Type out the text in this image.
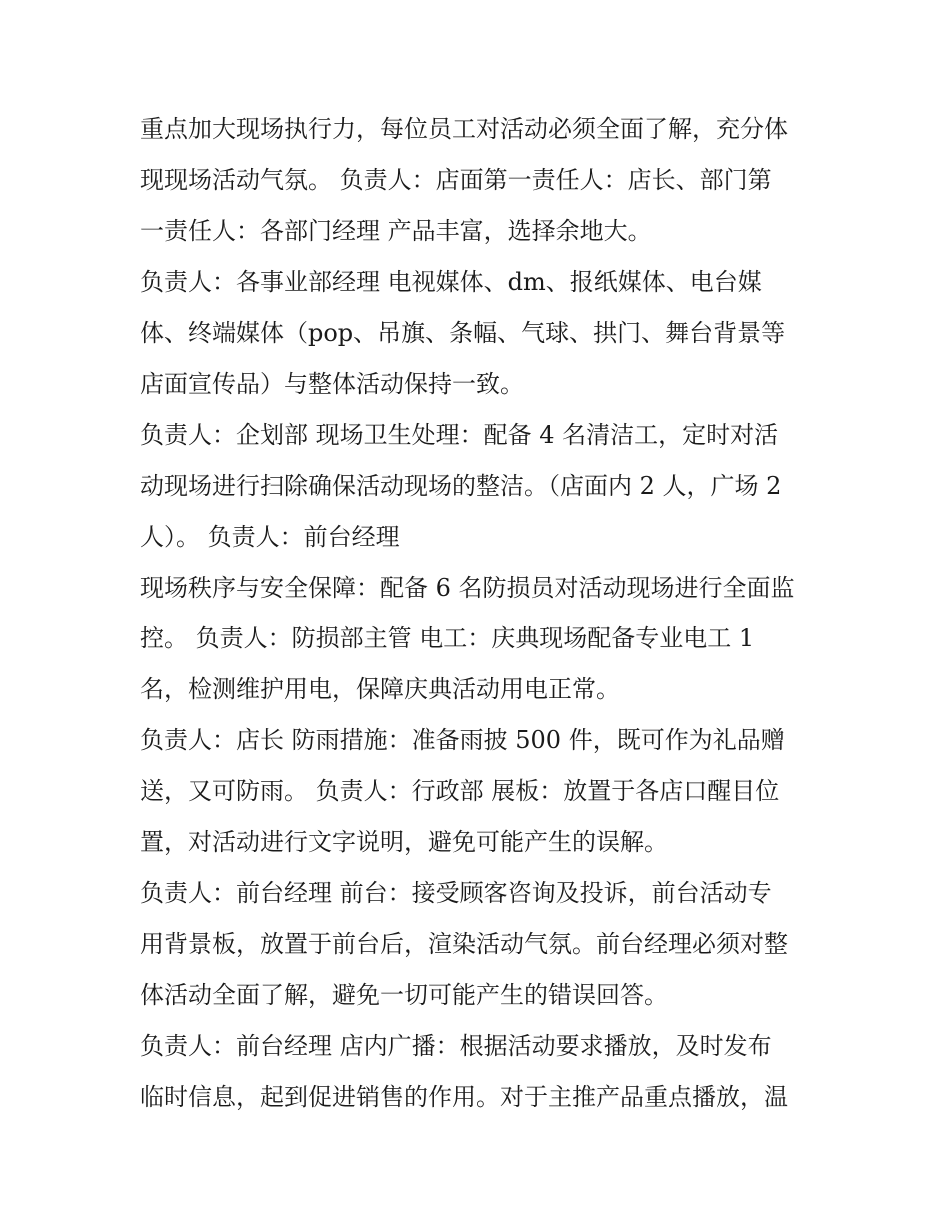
重点加大现场执行力，每位员工对活动必须全面了解，充分体
现现场活动气氛。 负责人：店面第一责任人：店长、部门第
一责任人：各部门经理 产品丰富，选择余地大。
负责人：各事业部经理 电视媒体、dm、报纸媒体、电台媒
体、终端媒体（pop、吊旗、条幅、气球、拱门、舞台背景等
店面宣传品）与整体活动保持一致。
负责人：企划部 现场卫生处理：配备 4 名清洁工，定时对活
动现场进行扫除确保活动现场的整洁。（店面内 2 人，广场 2
人）。 负责人：前台经理
现场秩序与安全保障：配备 6 名防损员对活动现场进行全面监
控。 负责人：防损部主管 电工：庆典现场配备专业电工 1
名，检测维护用电，保障庆典活动用电正常。
负责人：店长 防雨措施：准备雨披 500 件，既可作为礼品赠
送，又可防雨。 负责人：行政部 展板：放置于各店口醒目位
置，对活动进行文字说明，避免可能产生的误解。
负责人：前台经理 前台：接受顾客咨询及投诉，前台活动专
用背景板，放置于前台后，渲染活动气氛。前台经理必须对整
体活动全面了解，避免一切可能产生的错误回答。
负责人：前台经理 店内广播：根据活动要求播放，及时发布
临时信息，起到促进销售的作用。对于主推产品重点播放，温
